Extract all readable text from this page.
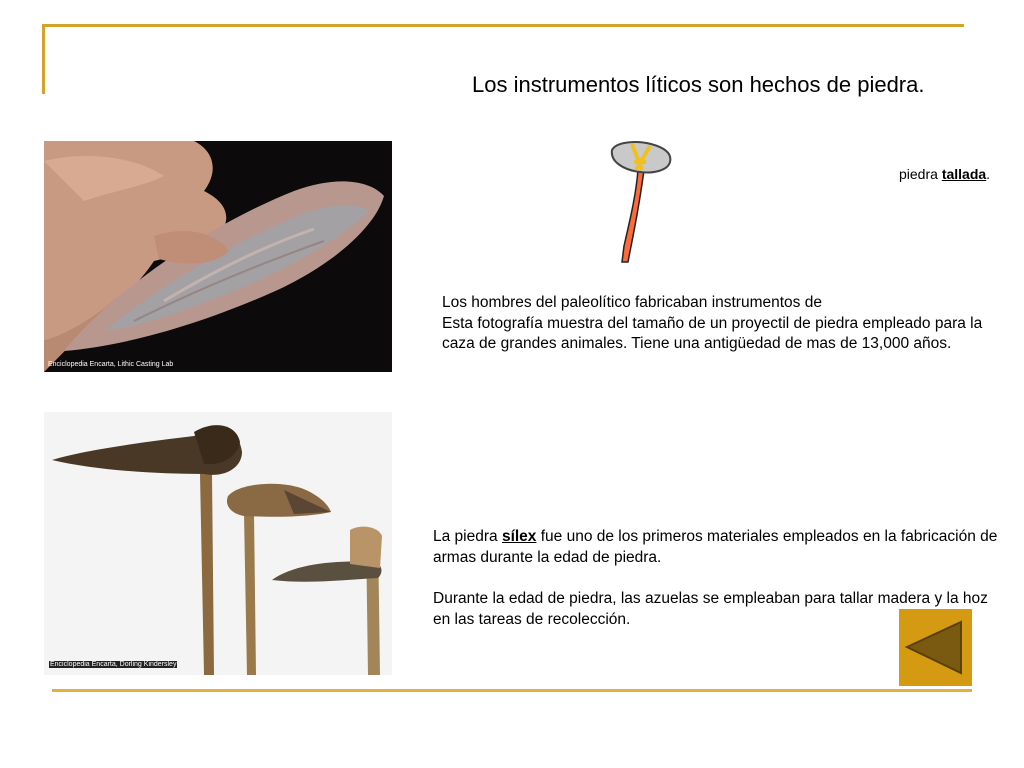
Los instrumentos líticos son hechos de piedra.
Enciclopedia Encarta, Lithic Casting Lab
piedra tallada.

Los hombres del paleolítico fabricaban instrumentos de

Esta fotografía muestra del tamaño de un proyectil de piedra empleado para la caza de grandes animales. Tiene una antigüedad de mas de 13,000 años.

Enciclopedia Encarta, Dorling Kindersley

La piedra sílex fue uno de los primeros materiales empleados en la fabricación de armas durante la edad de piedra.

Durante la edad de piedra, las azuelas se empleaban para tallar madera y la hoz en las tareas de recolección.
